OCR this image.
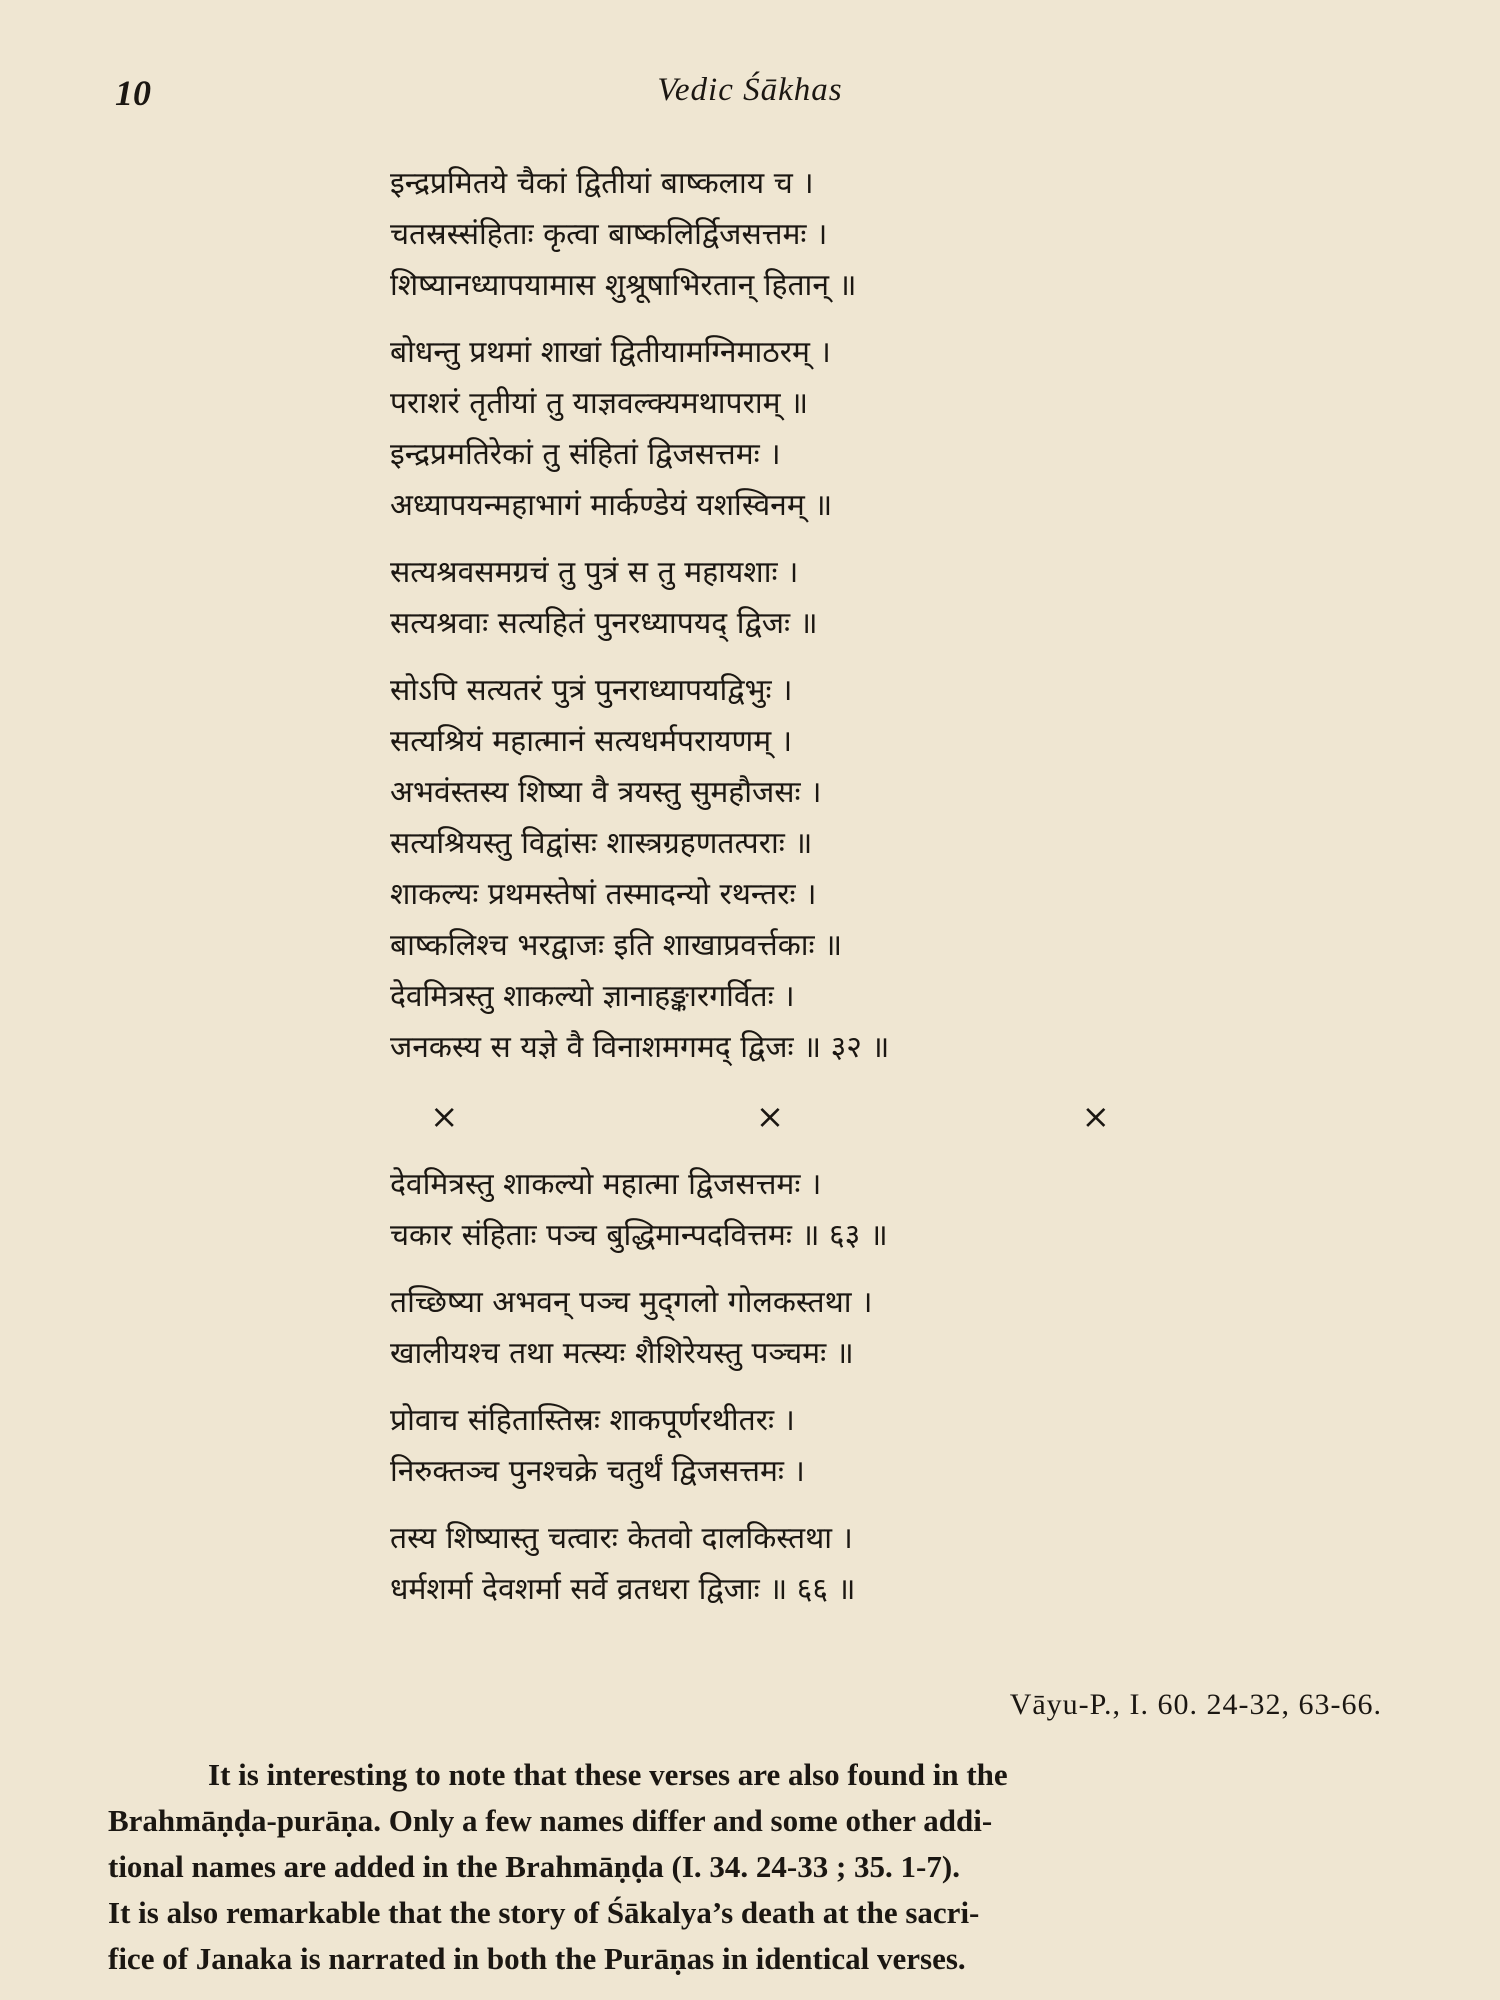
10	Vedic Śākhas
इन्द्रप्रमितये चैकां द्वितीयां बाष्कलाय च ।
चतस्रस्संहिताः कृत्वा बाष्कलिर्द्विजसत्तमः ।
शिष्यानध्यापयामास शुश्रूषाभिरतान् हितान् ॥
बोधन्तु प्रथमां शाखां द्वितीयामग्निमाठरम् ।
पराशरं तृतीयां तु याज्ञवल्क्यमथापराम् ॥
इन्द्रप्रमतिरेकां तु संहितां द्विजसत्तमः ।
अध्यापयन्महाभागं मार्कण्डेयं यशस्विनम् ॥
सत्यश्रवसमग्रचं तु पुत्रं स तु महायशाः ।
सत्यश्रवाः सत्यहितं पुनरध्यापयद् द्विजः ॥
सोऽपि सत्यतरं पुत्रं पुनराध्यापयद्विभुः ।
सत्यश्रियं महात्मानं सत्यधर्मपरायणम् ।
अभवंस्तस्य शिष्या वै त्रयस्तु सुमहौजसः ।
सत्यश्रियस्तु विद्वांसः शास्त्रग्रहणतत्पराः ॥
शाकल्यः प्रथमस्तेषां तस्मादन्यो रथन्तरः ।
बाष्कलिश्च भरद्वाजः इति शाखाप्रवर्त्तकाः ॥
देवमित्रस्तु शाकल्यो ज्ञानाहङ्कारगर्वितः ।
जनकस्य स यज्ञे वै विनाशमगमद् द्विजः ॥ ३२ ॥
×	×	×
देवमित्रस्तु शाकल्यो महात्मा द्विजसत्तमः ।
चकार संहिताः पञ्च बुद्धिमान्पदवित्तमः ॥ ६३ ॥
तच्छिष्या अभवन् पञ्च मुद्‌गलो गोलकस्तथा ।
खालीयश्च तथा मत्स्यः शैशिरेयस्तु पञ्चमः ॥
प्रोवाच संहितास्तिस्रः शाकपूर्णरथीतरः ।
निरुक्तञ्च पुनश्चक्रे चतुर्थं द्विजसत्तमः ।
तस्य शिष्यास्तु चत्वारः केतवो दालकिस्तथा ।
धर्मशर्मा देवशर्मा सर्वे व्रतधरा द्विजाः ॥ ६६ ॥
Vāyu-P., I. 60. 24-32, 63-66.
It is interesting to note that these verses are also found in the
Brahmāṇḍa-purāṇa. Only a few names differ and some other addi-
tional names are added in the Brahmāṇḍa (I. 34. 24-33 ; 35. 1-7).
It is also remarkable that the story of Śākalya’s death at the sacri-
fice of Janaka is narrated in both the Purāṇas in identical verses.
